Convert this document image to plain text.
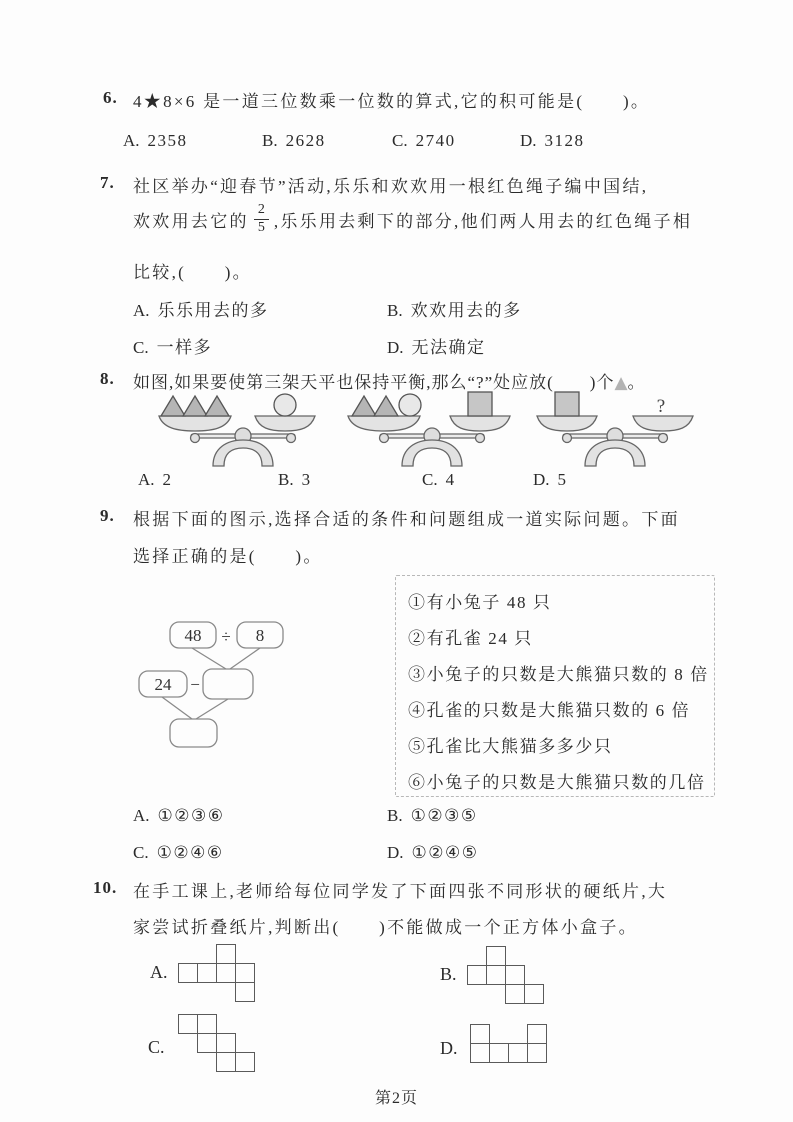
6. 4★8×6 是一道三位数乘一位数的算式,它的积可能是(　　)。
A. 2358	B. 2628	C. 2740	D. 3128
7. 社区举办“迎春节”活动,乐乐和欢欢用一根红色绳子编中国结,
欢欢用去它的 $\frac{2}{5}$ ,乐乐用去剩下的部分,他们两人用去的红色绳子相
比较,(　　)。
A. 乐乐用去的多	B. 欢欢用去的多
C. 一样多	D. 无法确定
8. 如图,如果要使第三架天平也保持平衡,那么“?”处应放(　　)个▲。
?
A. 2	B. 3	C. 4	D. 5
9. 根据下面的图示,选择合适的条件和问题组成一道实际问题。下面
选择正确的是(　　)。
48 ÷ 8
24 −
①有小兔子 48 只
②有孔雀 24 只
③小兔子的只数是大熊猫只数的 8 倍
④孔雀的只数是大熊猫只数的 6 倍
⑤孔雀比大熊猫多多少只
⑥小兔子的只数是大熊猫只数的几倍
A. ①②③⑥	B. ①②③⑤
C. ①②④⑥	D. ①②④⑤
10. 在手工课上,老师给每位同学发了下面四张不同形状的硬纸片,大
家尝试折叠纸片,判断出(　　)不能做成一个正方体小盒子。
A.	B.
C.	D.
第2页
